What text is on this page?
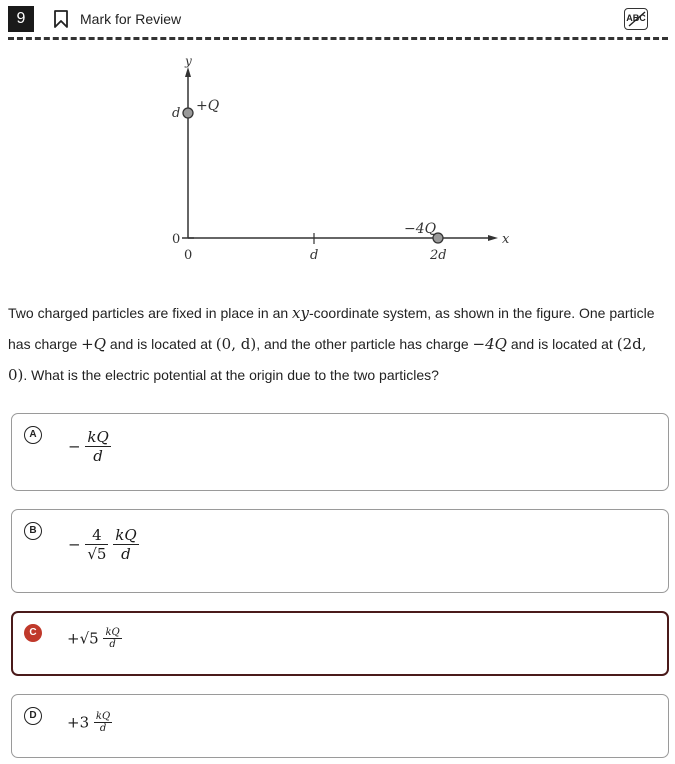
9	Mark for Review	ABC
y
x
d
0
0	d	2d
+Q
−4Q
Two charged particles are fixed in place in an xy-coordinate system, as shown in the figure. One particle has charge +Q and is located at (0, d), and the other particle has charge −4Q and is located at (2d, 0). What is the electric potential at the origin due to the two particles?
A
− $\frac{kQ}{d}$
B
− $\frac{4}{√5}$
$\frac{kQ}{d}$
C	$+√5 \frac{kQ}{d}$
D	$+3 \frac{kQ}{d}$
